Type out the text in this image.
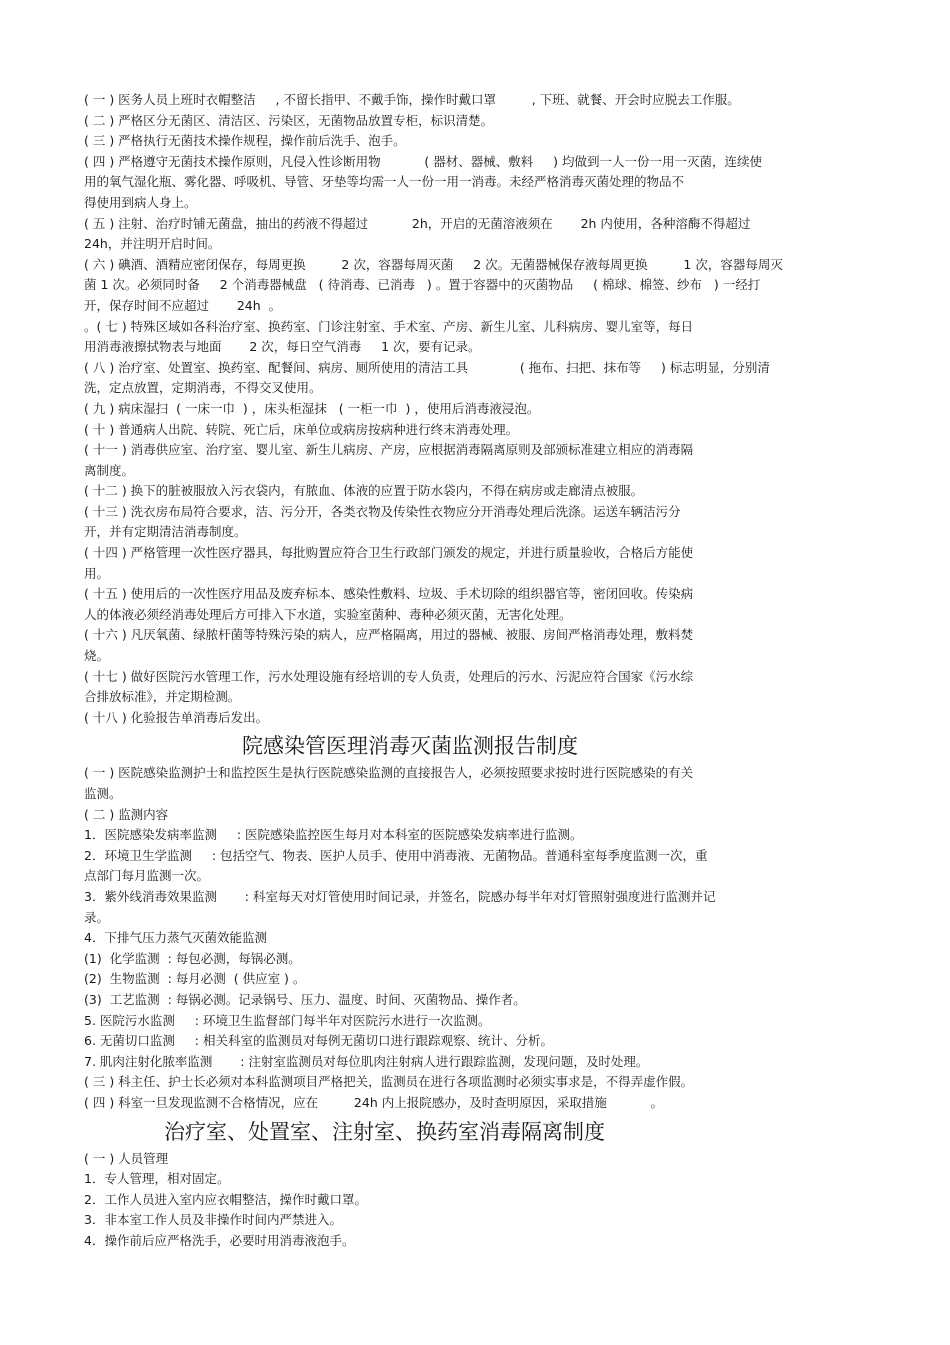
( 一 ) 医务人员上班时衣帽整洁     , 不留长指甲、不戴手饰，操作时戴口罩         , 下班、就餐、开会时应脱去工作服。

( 二 ) 严格区分无菌区、清洁区、污染区，无菌物品放置专柜，标识清楚。

( 三 ) 严格执行无菌技术操作规程，操作前后洗手、泡手。

( 四 ) 严格遵守无菌技术操作原则，凡侵入性诊断用物           ( 器材、器械、敷料     ) 均做到一人一份一用一灭菌，连续使

用的氧气湿化瓶、雾化器、呼吸机、导管、牙垫等均需一人一份一用一消毒。未经严格消毒灭菌处理的物品不

得使用到病人身上。

( 五 ) 注射、治疗时铺无菌盘，抽出的药液不得超过           2h，开启的无菌溶液须在       2h 内使用，各种溶酶不得超过

24h，并注明开启时间。

( 六 ) 碘酒、酒精应密闭保存，每周更换         2 次，容器每周灭菌     2 次。无菌器械保存液每周更换         1 次，容器每周灭

菌 1 次。必须同时备     2 个消毒器械盘   ( 待消毒、已消毒   ) 。置于容器中的灭菌物品     ( 棉球、棉签、纱布   ) 一经打

开，保存时间不应超过       24h  。

。( 七 ) 特殊区域如各科治疗室、换药室、门诊注射室、手术室、产房、新生儿室、儿科病房、婴儿室等，每日

用消毒液擦拭物表与地面       2 次，每日空气消毒     1 次，要有记录。

( 八 ) 治疗室、处置室、换药室、配餐间、病房、厕所使用的清洁工具             ( 拖布、扫把、抹布等     ) 标志明显，分别清

洗，定点放置，定期消毒，不得交叉使用。

( 九 ) 病床湿扫  ( 一床一巾  ) ，床头柜湿抹   ( 一柜一巾  ) ，使用后消毒液浸泡。

( 十 ) 普通病人出院、转院、死亡后，床单位或病房按病种进行终末消毒处理。

( 十一 ) 消毒供应室、治疗室、婴儿室、新生儿病房、产房，应根据消毒隔离原则及部颁标准建立相应的消毒隔

离制度。

( 十二 ) 换下的脏被服放入污衣袋内，有脓血、体液的应置于防水袋内，不得在病房或走廊清点被服。

( 十三 ) 洗衣房布局符合要求，洁、污分开，各类衣物及传染性衣物应分开消毒处理后洗涤。运送车辆洁污分

开，并有定期清洁消毒制度。

( 十四 ) 严格管理一次性医疗器具，每批购置应符合卫生行政部门颁发的规定，并进行质量验收，合格后方能使

用。

( 十五 ) 使用后的一次性医疗用品及废弃标本、感染性敷料、垃圾、手术切除的组织器官等，密闭回收。传染病

人的体液必须经消毒处理后方可排入下水道，实验室菌种、毒种必须灭菌，无害化处理。

( 十六 ) 凡厌氧菌、绿脓杆菌等特殊污染的病人，应严格隔离，用过的器械、被服、房间严格消毒处理，敷料焚

烧。

( 十七 ) 做好医院污水管理工作，污水处理设施有经培训的专人负责，处理后的污水、污泥应符合国家《污水综

合排放标准》，并定期检测。

( 十八 ) 化验报告单消毒后发出。

院感染管医理消毒灭菌监测报告制度

( 一 ) 医院感染监测护士和监控医生是执行医院感染监测的直接报告人，必须按照要求按时进行医院感染的有关

监测。

( 二 ) 监测内容

1．医院感染发病率监测     : 医院感染监控医生每月对本科室的医院感染发病率进行监测。

2．环境卫生学监测     : 包括空气、物表、医护人员手、使用中消毒液、无菌物品。普通科室每季度监测一次，重

点部门每月监测一次。

3．紫外线消毒效果监测       : 科室每天对灯管使用时间记录，并签名，院感办每半年对灯管照射强度进行监测并记

录。

4．下排气压力蒸气灭菌效能监测

(1)  化学监测  : 每包必测，每锅必测。

(2)  生物监测  : 每月必测  ( 供应室 ) 。

(3)  工艺监测  : 每锅必测。记录锅号、压力、温度、时间、灭菌物品、操作者。

5. 医院污水监测     : 环境卫生监督部门每半年对医院污水进行一次监测。

6. 无菌切口监测     : 相关科室的监测员对每例无菌切口进行跟踪观察、统计、分析。

7. 肌肉注射化脓率监测       : 注射室监测员对每位肌肉注射病人进行跟踪监测，发现问题，及时处理。

( 三 ) 科主任、护士长必须对本科监测项目严格把关，监测员在进行各项监测时必须实事求是，不得弄虚作假。

( 四 ) 科室一旦发现监测不合格情况，应在         24h 内上报院感办，及时查明原因，采取措施           。

治疗室、处置室、注射室、换药室消毒隔离制度

( 一 ) 人员管理

1．专人管理，相对固定。

2．工作人员进入室内应衣帽整洁，操作时戴口罩。

3．非本室工作人员及非操作时间内严禁进入。

4．操作前后应严格洗手，必要时用消毒液泡手。
